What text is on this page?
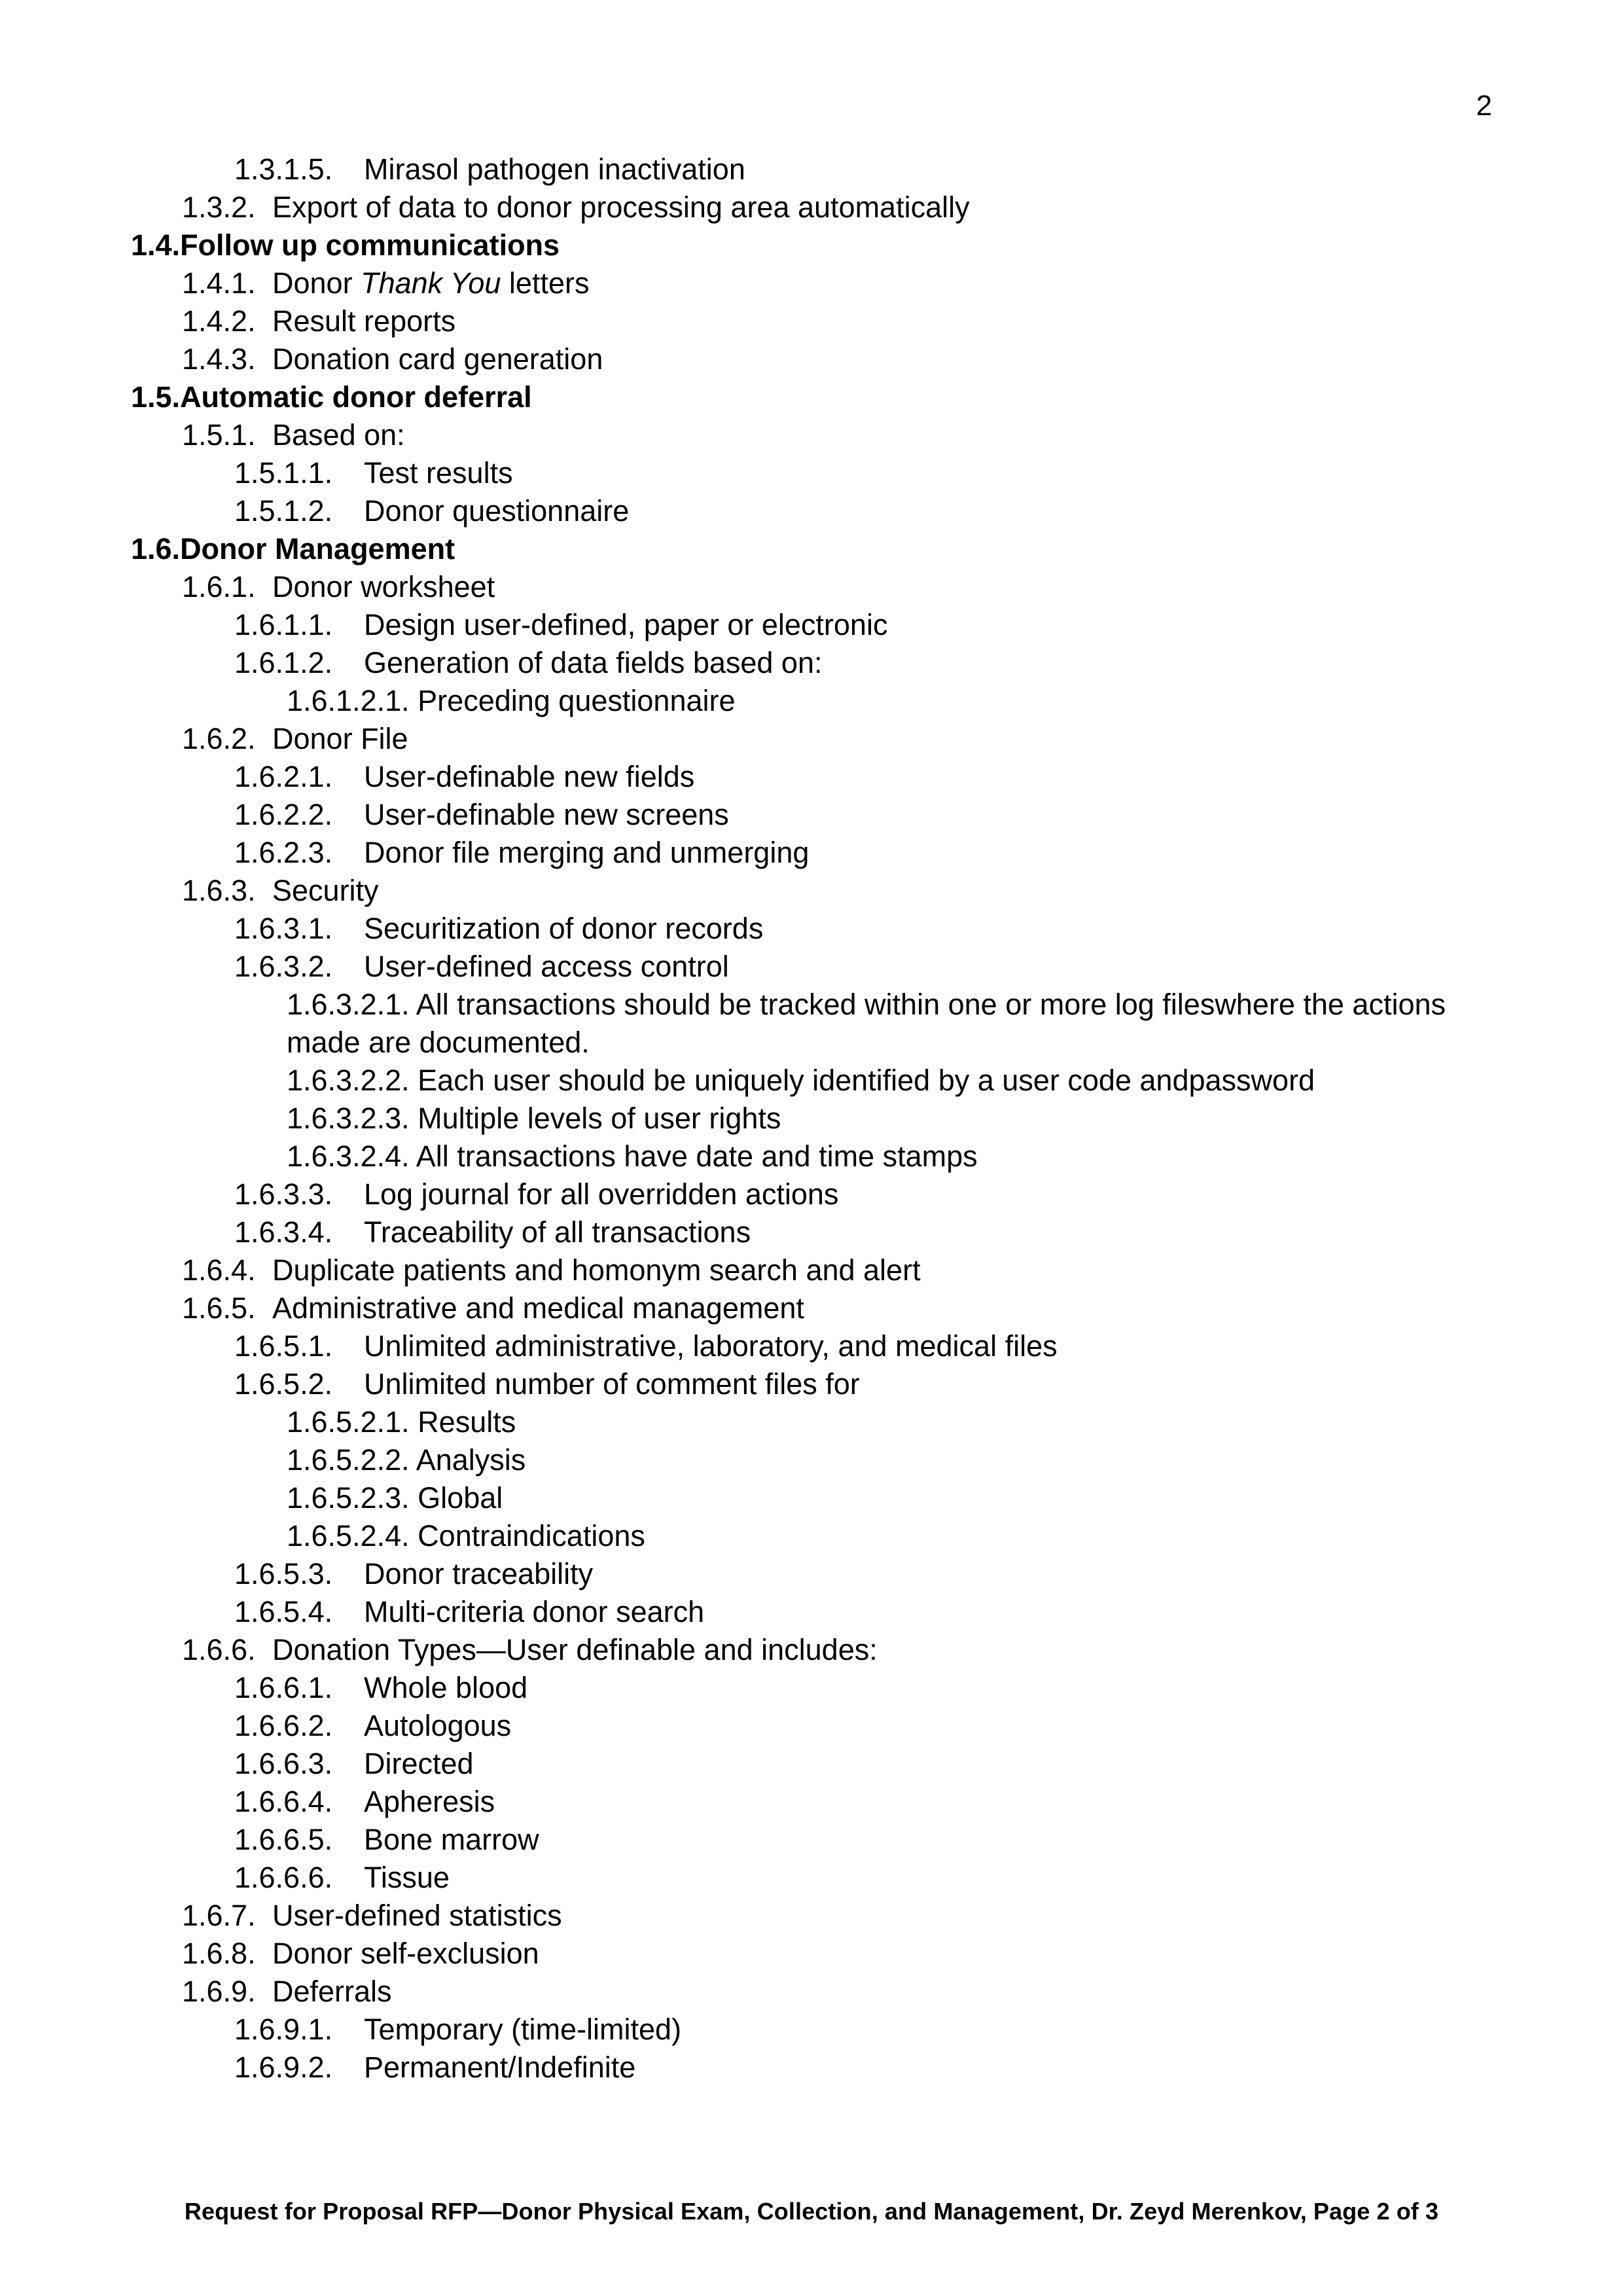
2
1.3.1.5. Mirasol pathogen inactivation
1.3.2. Export of data to donor processing area automatically
1.4.Follow up communications
1.4.1. Donor Thank You letters
1.4.2. Result reports
1.4.3. Donation card generation
1.5.Automatic donor deferral
1.5.1. Based on:
1.5.1.1. Test results
1.5.1.2. Donor questionnaire
1.6.Donor Management
1.6.1. Donor worksheet
1.6.1.1. Design user-defined, paper or electronic
1.6.1.2. Generation of data fields based on:
1.6.1.2.1. Preceding questionnaire
1.6.2. Donor File
1.6.2.1. User-definable new fields
1.6.2.2. User-definable new screens
1.6.2.3. Donor file merging and unmerging
1.6.3. Security
1.6.3.1. Securitization of donor records
1.6.3.2. User-defined access control
1.6.3.2.1. All transactions should be tracked within one or more log fileswhere the actions made are documented.
1.6.3.2.2. Each user should be uniquely identified by a user code andpassword
1.6.3.2.3. Multiple levels of user rights
1.6.3.2.4. All transactions have date and time stamps
1.6.3.3. Log journal for all overridden actions
1.6.3.4. Traceability of all transactions
1.6.4. Duplicate patients and homonym search and alert
1.6.5. Administrative and medical management
1.6.5.1. Unlimited administrative, laboratory, and medical files
1.6.5.2. Unlimited number of comment files for
1.6.5.2.1. Results
1.6.5.2.2. Analysis
1.6.5.2.3. Global
1.6.5.2.4. Contraindications
1.6.5.3. Donor traceability
1.6.5.4. Multi-criteria donor search
1.6.6. Donation Types—User definable and includes:
1.6.6.1. Whole blood
1.6.6.2. Autologous
1.6.6.3. Directed
1.6.6.4. Apheresis
1.6.6.5. Bone marrow
1.6.6.6. Tissue
1.6.7. User-defined statistics
1.6.8. Donor self-exclusion
1.6.9. Deferrals
1.6.9.1. Temporary (time-limited)
1.6.9.2. Permanent/Indefinite
Request for Proposal RFP—Donor Physical Exam, Collection, and Management, Dr. Zeyd Merenkov, Page 2 of 3
